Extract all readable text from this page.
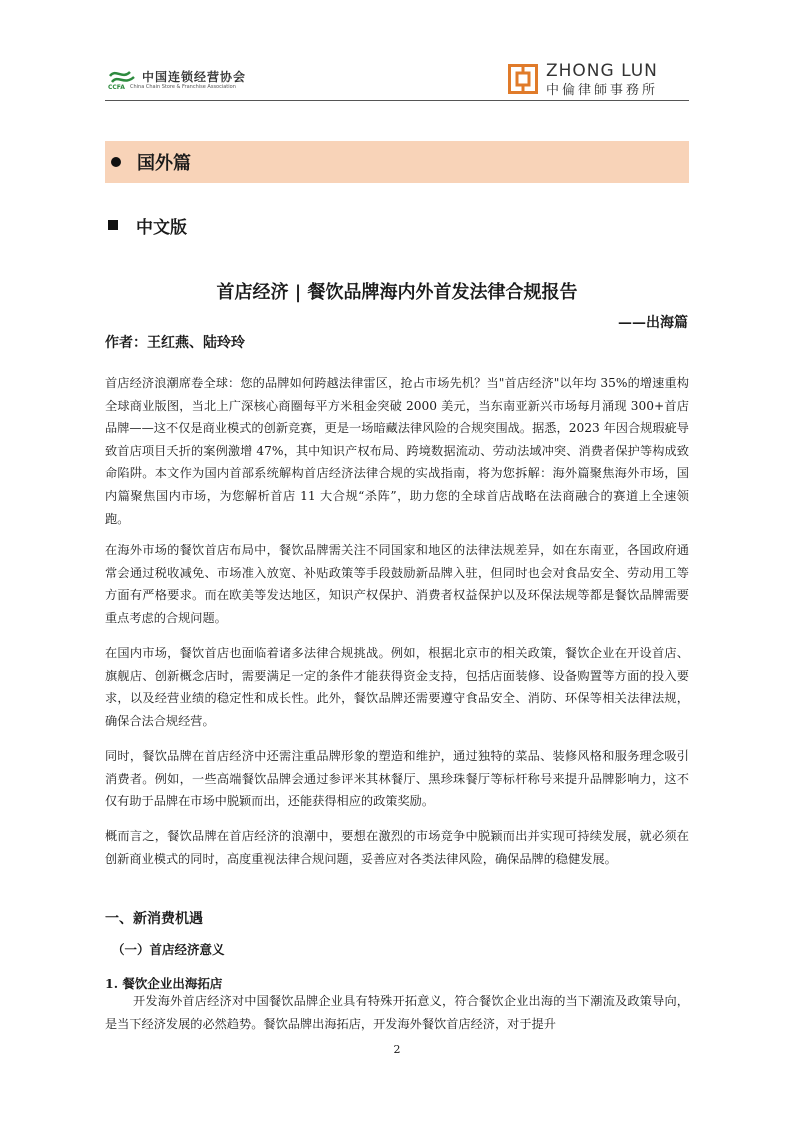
中国连锁经营协会
CCFA China Chain Store & Franchise Association
ZHONG LUN
中倫律師事務所
国外篇
中文版
首店经济 | 餐饮品牌海内外首发法律合规报告
——出海篇
作者：王红燕、陆玲玲
首店经济浪潮席卷全球：您的品牌如何跨越法律雷区，抢占市场先机？当"首店经济"以年均 35%的增速重构全球商业版图，当北上广深核心商圈每平方米租金突破 2000 美元，当东南亚新兴市场每月涌现 300+首店品牌——这不仅是商业模式的创新竞赛，更是一场暗藏法律风险的合规突围战。据悉，2023 年因合规瑕疵导致首店项目夭折的案例激增 47%，其中知识产权布局、跨境数据流动、劳动法域冲突、消费者保护等构成致命陷阱。本文作为国内首部系统解构首店经济法律合规的实战指南，将为您拆解：海外篇聚焦海外市场，国内篇聚焦国内市场，为您解析首店 11 大合规“杀阵”，助力您的全球首店战略在法商融合的赛道上全速领跑。
在海外市场的餐饮首店布局中，餐饮品牌需关注不同国家和地区的法律法规差异，如在东南亚，各国政府通常会通过税收减免、市场准入放宽、补贴政策等手段鼓励新品牌入驻，但同时也会对食品安全、劳动用工等方面有严格要求。而在欧美等发达地区，知识产权保护、消费者权益保护以及环保法规等都是餐饮品牌需要重点考虑的合规问题。
在国内市场，餐饮首店也面临着诸多法律合规挑战。例如，根据北京市的相关政策，餐饮企业在开设首店、旗舰店、创新概念店时，需要满足一定的条件才能获得资金支持，包括店面装修、设备购置等方面的投入要求，以及经营业绩的稳定性和成长性。此外，餐饮品牌还需要遵守食品安全、消防、环保等相关法律法规，确保合法合规经营。
同时，餐饮品牌在首店经济中还需注重品牌形象的塑造和维护，通过独特的菜品、装修风格和服务理念吸引消费者。例如，一些高端餐饮品牌会通过参评米其林餐厅、黑珍珠餐厅等标杆称号来提升品牌影响力，这不仅有助于品牌在市场中脱颖而出，还能获得相应的政策奖励。
概而言之，餐饮品牌在首店经济的浪潮中，要想在激烈的市场竞争中脱颖而出并实现可持续发展，就必须在创新商业模式的同时，高度重视法律合规问题，妥善应对各类法律风险，确保品牌的稳健发展。
一、新消费机遇
（一）首店经济意义
1. 餐饮企业出海拓店
开发海外首店经济对中国餐饮品牌企业具有特殊开拓意义，符合餐饮企业出海的当下潮流及政策导向，是当下经济发展的必然趋势。餐饮品牌出海拓店，开发海外餐饮首店经济，对于提升
2
